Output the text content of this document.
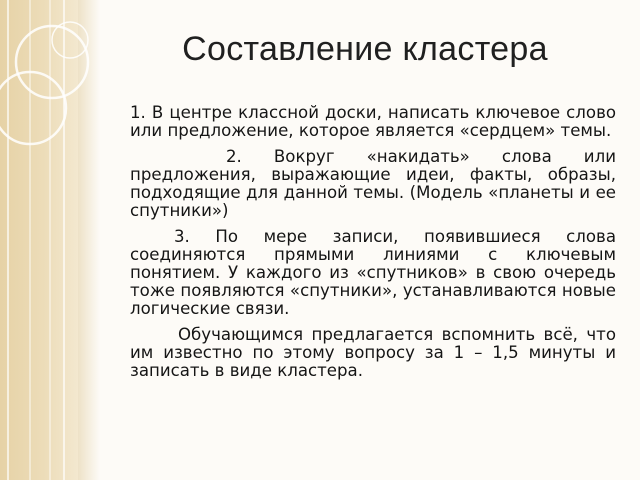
Составление кластера

1. В центре классной доски, написать ключевое слово или предложение, которое является «сердцем» темы.

2. Вокруг «накидать» слова или предложения, выражающие идеи, факты, образы, подходящие для данной темы. (Модель «планеты и ее спутники»)

3. По мере записи, появившиеся слова соединяются прямыми линиями с ключевым понятием. У каждого из «спутников» в свою очередь тоже появляются «спутники», устанавливаются новые логические связи.

Обучающимся предлагается вспомнить всё, что им известно по этому вопросу за 1 – 1,5 минуты и записать в виде кластера.
